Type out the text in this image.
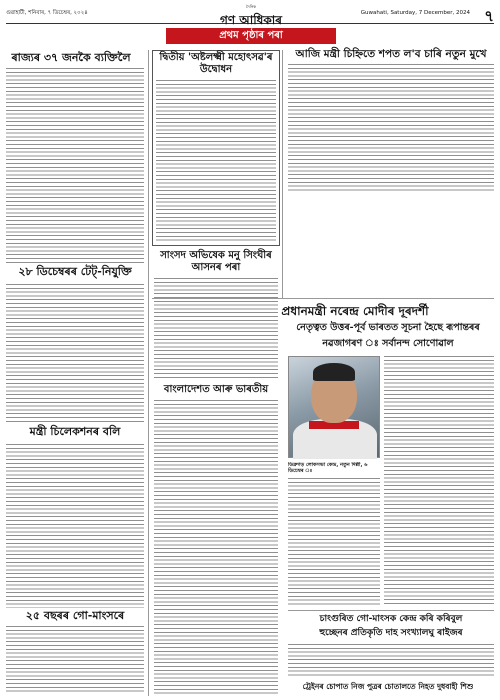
গুৱাহাটী, শনিবাৰ, ৭ ডিচেম্বৰ, ২০২৪
দৈনিক
গণ আধিকাৰ	Guwahati, Saturday, 7 December, 2024 ৭
প্ৰথম পৃষ্ঠাৰ পৰা
ৰাজ্যৰ ৩৭ জনকৈ ব্যক্তিলৈ
২৮ ডিচেম্বৰৰ টেট্-নিযুক্তি
মন্ত্ৰী চিলেকশনৰ বলি
২৫ বছৰৰ গো-মাংসৰে
দ্বিতীয় 'অষ্টলক্ষ্মী মহোৎসৱ'ৰ উদ্বোধন
সাংসদ অভিষেক মনু সিংঘীৰ আসনৰ পৰা
বাংলাদেশত আৰু ভাৰতীয়
আজি মন্ত্ৰী চিহ্নিতে শপত ল'ব চাৰি নতুন মুখে
প্ৰধানমন্ত্ৰী নৰেন্দ্ৰ মোদীৰ দূৰদৰ্শী
নেতৃত্বত উত্তৰ-পূৰ্ব ভাৰতত সূচনা হৈছে ৰূপান্তৰৰ
নৱজাগৰণ ঃ সৰ্বানন্দ সোণোৱাল
ডিব্ৰুগড় লোকসভা কেন্দ্ৰ, নতুন দিল্লী, ৬ ডিচেম্বৰ ঃ
চাংগুৰিত গো-মাংসক কেন্দ্ৰ কৰি কৰিবুল
হুচ্ছেনৰ প্ৰতিকৃতি দাহ সংখ্যালঘু ৰাইজৰ
ট্ৰেইনৰ চোপাত নিজ পুত্ৰৰ চোতালতে নিহত দুধবাহী শিশু
